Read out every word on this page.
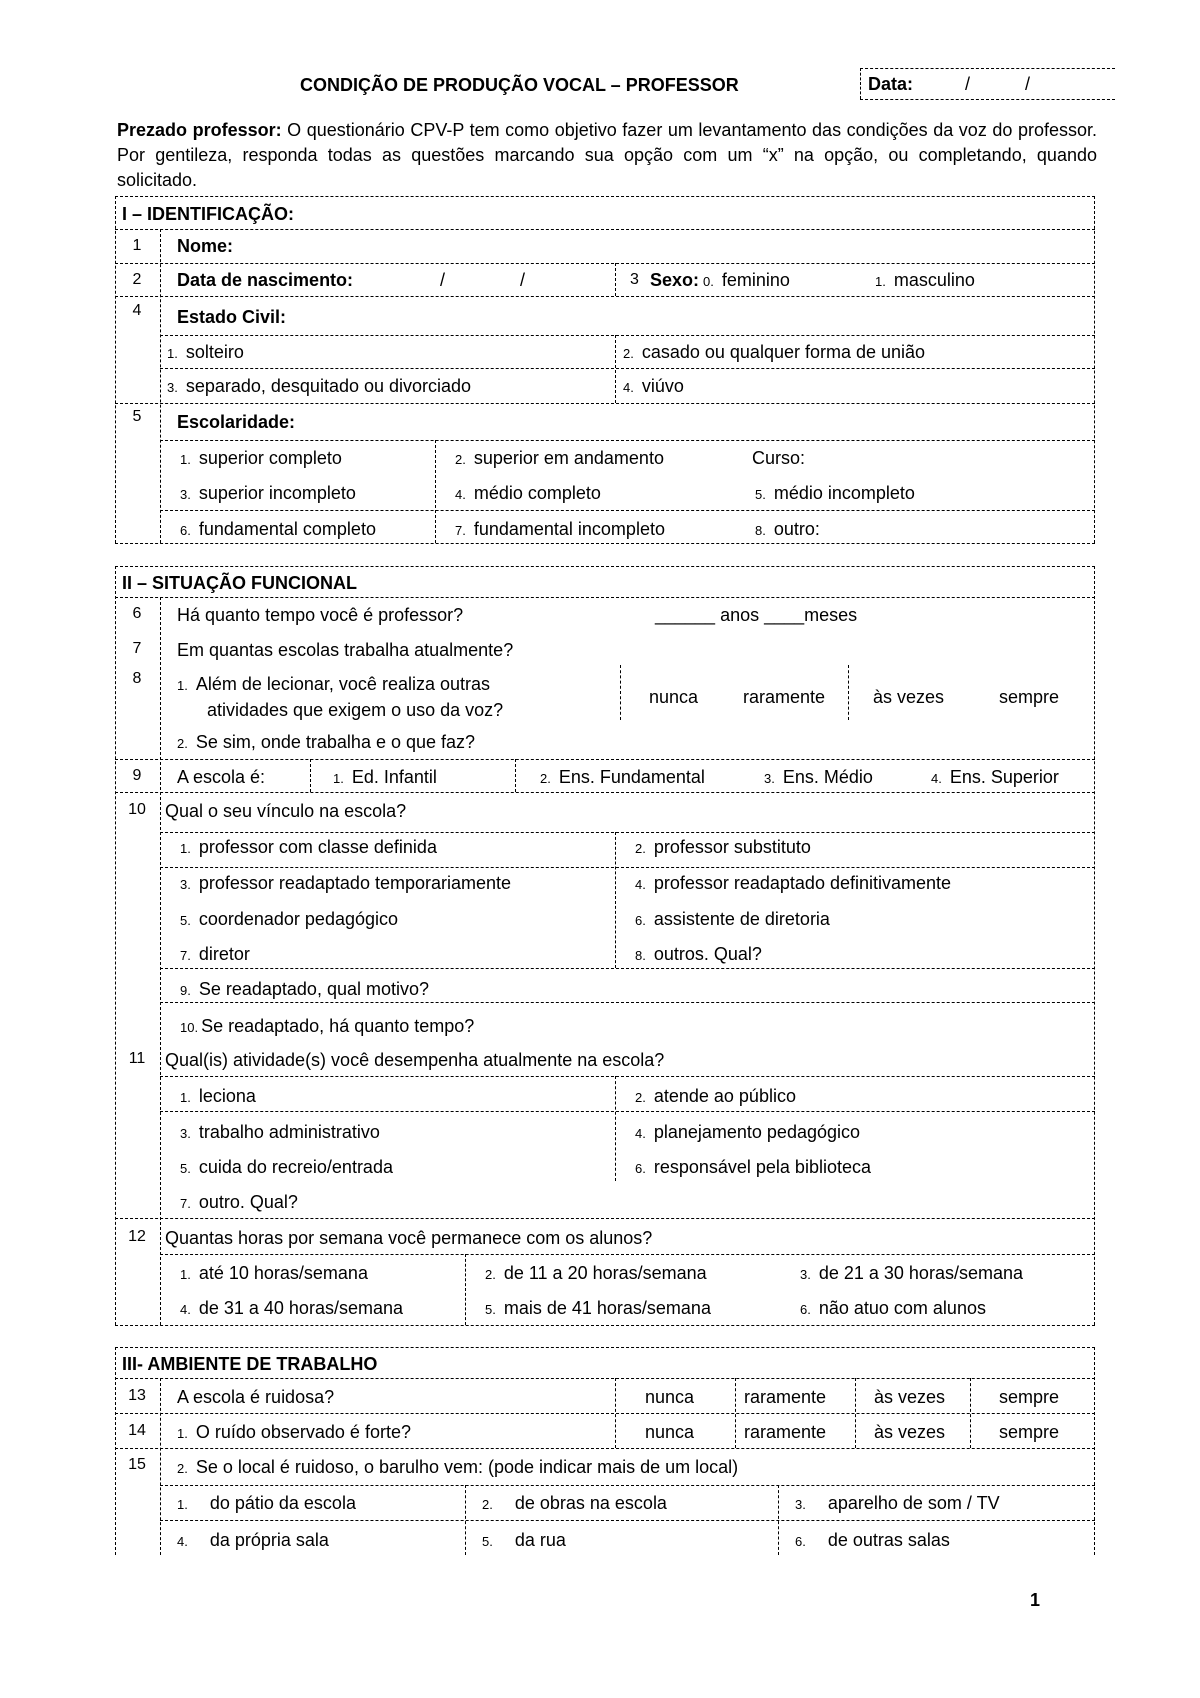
CONDIÇÃO DE PRODUÇÃO VOCAL – PROFESSOR	Data:	/	/
Prezado professor: O questionário CPV-P tem como objetivo fazer um levantamento das condições da voz do professor. Por gentileza, responda todas as questões marcando sua opção com um “x” na opção, ou completando, quando solicitado.
I – IDENTIFICAÇÃO:
1	Nome:
2	Data de nascimento:	/	/	3 Sexo: 0. feminino	1. masculino
4	Estado Civil:
1. solteiro	2. casado ou qualquer forma de união
3. separado, desquitado ou divorciado	4. viúvo
5	Escolaridade:
1. superior completo	2. superior em andamento	Curso:
3. superior incompleto	4. médio completo	5. médio incompleto
6. fundamental completo	7. fundamental incompleto	8. outro:
II – SITUAÇÃO FUNCIONAL
6	Há quanto tempo você é professor?	______ anos ____meses
7	Em quantas escolas trabalha atualmente?
8	1. Além de lecionar, você realiza outras
atividades que exigem o uso da voz?
nunca raramente	às vezes	sempre
2. Se sim, onde trabalha e o que faz?
9	A escola é:	1. Ed. Infantil	2. Ens. Fundamental	3. Ens. Médio	4. Ens. Superior
10	Qual o seu vínculo na escola?
1. professor com classe definida	2. professor substituto
3. professor readaptado temporariamente	4. professor readaptado definitivamente
5. coordenador pedagógico	6. assistente de diretoria
7. diretor	8. outros. Qual?
9. Se readaptado, qual motivo?
10. Se readaptado, há quanto tempo?
11	Qual(is) atividade(s) você desempenha atualmente na escola?
1. leciona	2. atende ao público
3. trabalho administrativo	4. planejamento pedagógico
5. cuida do recreio/entrada	6. responsável pela biblioteca
7. outro. Qual?
12	Quantas horas por semana você permanece com os alunos?
1. até 10 horas/semana	2. de 11 a 20 horas/semana	3. de 21 a 30 horas/semana
4. de 31 a 40 horas/semana	5. mais de 41 horas/semana	6. não atuo com alunos
III- AMBIENTE DE TRABALHO
13	A escola é ruidosa?	nunca	raramente	às vezes	sempre
14	1. O ruído observado é forte?	nunca	raramente	às vezes	sempre
15	2. Se o local é ruidoso, o barulho vem: (pode indicar mais de um local)
1. do pátio da escola	2. de obras na escola	3. aparelho de som / TV
4. da própria sala	5. da rua	6. de outras salas
1
